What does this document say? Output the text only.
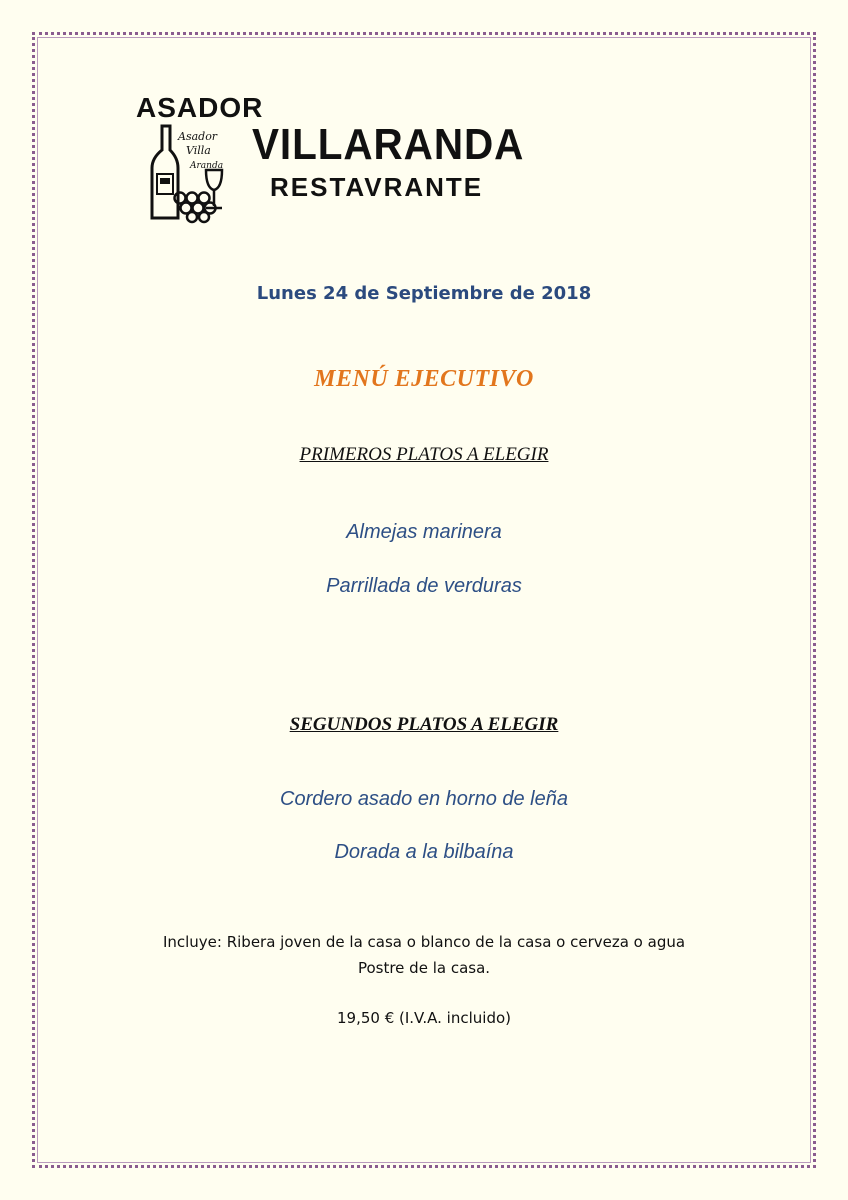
ASADOR
VILLARANDA
RESTAVRANTE
Asador
Villa
Aranda
Lunes 24 de Septiembre de 2018
MENÚ EJECUTIVO
PRIMEROS PLATOS A ELEGIR
Almejas marinera
Parrillada de verduras
SEGUNDOS PLATOS A ELEGIR
Cordero asado en horno de leña
Dorada a la bilbaína
Incluye: Ribera joven de la casa o blanco de la casa o cerveza o agua
Postre de la casa.
19,50 € (I.V.A. incluido)
